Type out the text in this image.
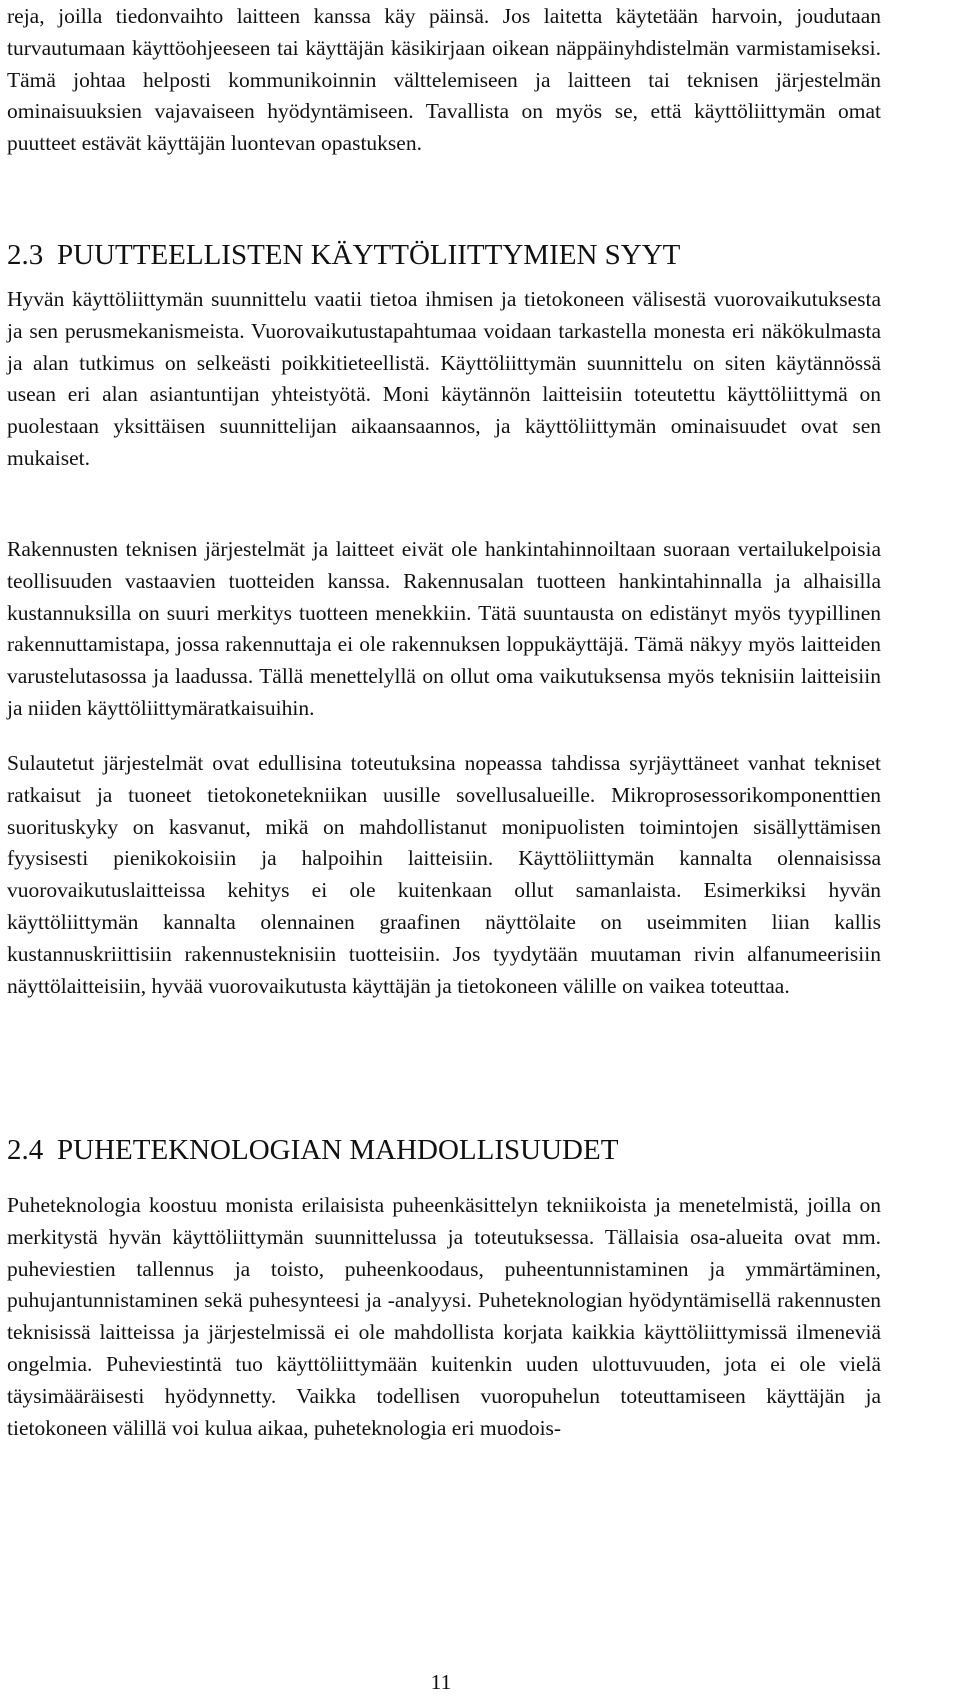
reja, joilla tiedonvaihto laitteen kanssa käy päinsä. Jos laitetta käytetään harvoin, joudutaan turvautumaan käyttöohjeeseen tai käyttäjän käsikirjaan oikean näppäinyhdistelmän varmistamiseksi. Tämä johtaa helposti kommunikoinnin välttelemiseen ja laitteen tai teknisen järjestelmän ominaisuuksien vajavaiseen hyödyntämiseen. Tavallista on myös se, että käyttöliittymän omat puutteet estävät käyttäjän luontevan opastuksen.

2.3 PUUTTEELLISTEN KÄYTTÖLIITTYMIEN SYYT

Hyvän käyttöliittymän suunnittelu vaatii tietoa ihmisen ja tietokoneen välisestä vuorovaikutuksesta ja sen perusmekanismeista. Vuorovaikutustapahtumaa voidaan tarkastella monesta eri näkökulmasta ja alan tutkimus on selkeästi poikkitieteellistä. Käyttöliittymän suunnittelu on siten käytännössä usean eri alan asiantuntijan yhteistyötä. Moni käytännön laitteisiin toteutettu käyttöliittymä on puolestaan yksittäisen suunnittelijan aikaansaannos, ja käyttöliittymän ominaisuudet ovat sen mukaiset.

Rakennusten teknisen järjestelmät ja laitteet eivät ole hankintahinnoiltaan suoraan vertailukelpoisia teollisuuden vastaavien tuotteiden kanssa. Rakennusalan tuotteen hankintahinnalla ja alhaisilla kustannuksilla on suuri merkitys tuotteen menekkiin. Tätä suuntausta on edistänyt myös tyypillinen rakennuttamistapa, jossa rakennuttaja ei ole rakennuksen loppukäyttäjä. Tämä näkyy myös laitteiden varustelutasossa ja laadussa. Tällä menettelyllä on ollut oma vaikutuksensa myös teknisiin laitteisiin ja niiden käyttöliittymäratkaisuihin.

Sulautetut järjestelmät ovat edullisina toteutuksina nopeassa tahdissa syrjäyttäneet vanhat tekniset ratkaisut ja tuoneet tietokonetekniikan uusille sovellusalueille. Mikroprosessorikomponenttien suorituskyky on kasvanut, mikä on mahdollistanut monipuolisten toimintojen sisällyttämisen fyysisesti pienikokoisiin ja halpoihin laitteisiin. Käyttöliittymän kannalta olennaisissa vuorovaikutuslaitteissa kehitys ei ole kuitenkaan ollut samanlaista. Esimerkiksi hyvän käyttöliittymän kannalta olennainen graafinen näyttölaite on useimmiten liian kallis kustannuskriittisiin rakennusteknisiin tuotteisiin. Jos tyydytään muutaman rivin alfanumeerisiin näyttölaitteisiin, hyvää vuorovaikutusta käyttäjän ja tietokoneen välille on vaikea toteuttaa.

2.4 PUHETEKNOLOGIAN MAHDOLLISUUDET

Puheteknologia koostuu monista erilaisista puheenkäsittelyn tekniikoista ja menetelmistä, joilla on merkitystä hyvän käyttöliittymän suunnittelussa ja toteutuksessa. Tällaisia osa-alueita ovat mm. puheviestien tallennus ja toisto, puheenkoodaus, puheentunnistaminen ja ymmärtäminen, puhujantunnistaminen sekä puhesynteesi ja -analyysi. Puheteknologian hyödyntämisellä rakennusten teknisissä laitteissa ja järjestelmissä ei ole mahdollista korjata kaikkia käyttöliittymissä ilmeneviä ongelmia. Puheviestintä tuo käyttöliittymään kuitenkin uuden ulottuvuuden, jota ei ole vielä täysimääräisesti hyödynnetty. Vaikka todellisen vuoropuhelun toteuttamiseen käyttäjän ja tietokoneen välillä voi kulua aikaa, puheteknologia eri muodois-

11
